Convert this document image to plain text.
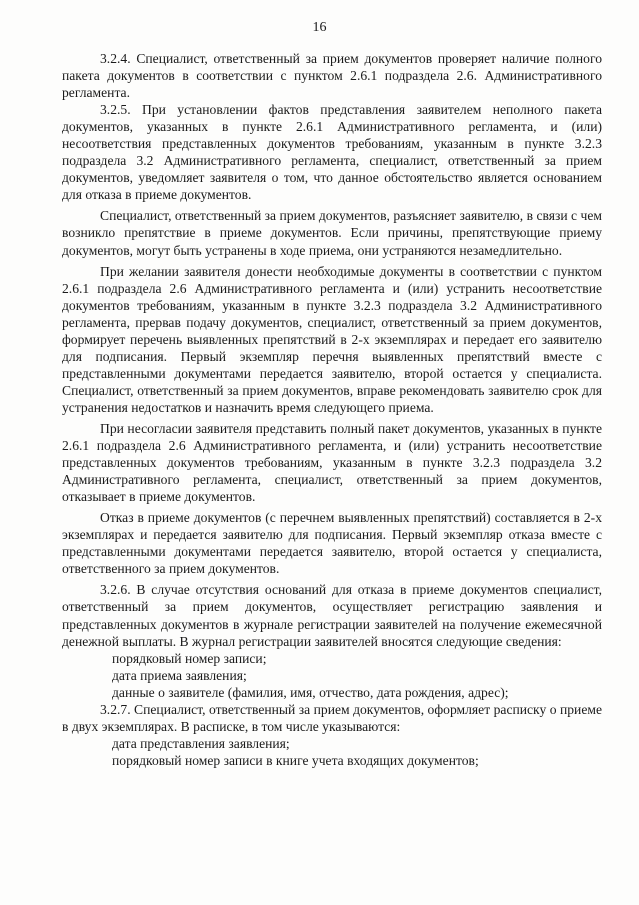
16

3.2.4. Специалист, ответственный за прием документов проверяет наличие полного пакета документов в соответствии с пунктом 2.6.1 подраздела 2.6. Административного регламента.

3.2.5. При установлении фактов представления заявителем неполного пакета документов, указанных в пункте 2.6.1 Административного регламента, и (или) несоответствия представленных документов требованиям, указанным в пункте 3.2.3 подраздела 3.2 Административного регламента, специалист, ответственный за прием документов, уведомляет заявителя о том, что данное обстоятельство является основанием для отказа в приеме документов.

Специалист, ответственный за прием документов, разъясняет заявителю, в связи с чем возникло препятствие в приеме документов. Если причины, препятствующие приему документов, могут быть устранены в ходе приема, они устраняются незамедлительно.

При желании заявителя донести необходимые документы в соответствии с пунктом 2.6.1 подраздела 2.6 Административного регламента и (или) устранить несоответствие документов требованиям, указанным в пункте 3.2.3 подраздела 3.2 Административного регламента, прервав подачу документов, специалист, ответственный за прием документов, формирует перечень выявленных препятствий в 2-х экземплярах и передает его заявителю для подписания. Первый экземпляр перечня выявленных препятствий вместе с представленными документами передается заявителю, второй остается у специалиста. Специалист, ответственный за прием документов, вправе рекомендовать заявителю срок для устранения недостатков и назначить время следующего приема.

При несогласии заявителя представить полный пакет документов, указанных в пункте 2.6.1 подраздела 2.6 Административного регламента, и (или) устранить несоответствие представленных документов требованиям, указанным в пункте 3.2.3 подраздела 3.2 Административного регламента, специалист, ответственный за прием документов, отказывает в приеме документов.

Отказ в приеме документов (с перечнем выявленных препятствий) составляется в 2-х экземплярах и передается заявителю для подписания. Первый экземпляр отказа вместе с представленными документами передается заявителю, второй остается у специалиста, ответственного за прием документов.

3.2.6. В случае отсутствия оснований для отказа в приеме документов специалист, ответственный за прием документов, осуществляет регистрацию заявления и представленных документов в журнале регистрации заявителей на получение ежемесячной денежной выплаты. В журнал регистрации заявителей вносятся следующие сведения:

порядковый номер записи;

дата приема заявления;

данные о заявителе (фамилия, имя, отчество, дата рождения, адрес);

3.2.7. Специалист, ответственный за прием документов, оформляет расписку о приеме в двух экземплярах. В расписке, в том числе указываются:

дата представления заявления;

порядковый номер записи в книге учета входящих документов;
